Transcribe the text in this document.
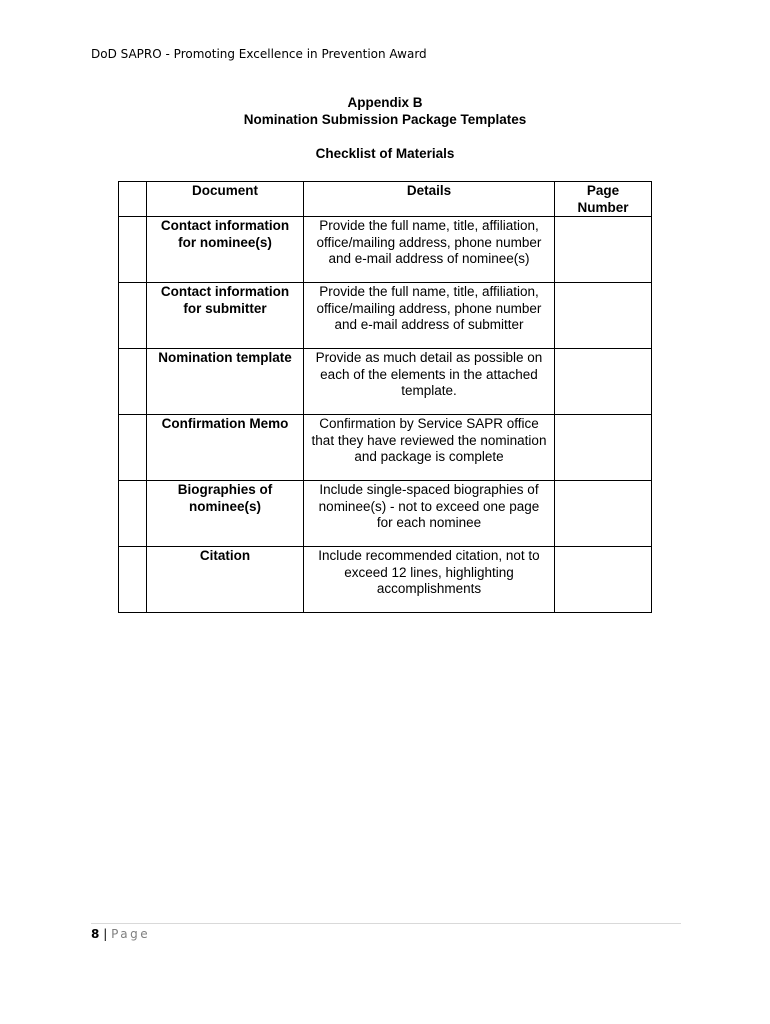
DoD SAPRO - Promoting Excellence in Prevention Award
Appendix B
Nomination Submission Package Templates
Checklist of Materials
	Document	Details	Page Number
	Contact information for nominee(s)	Provide the full name, title, affiliation, office/mailing address, phone number and e-mail address of nominee(s)	
	Contact information for submitter	Provide the full name, title, affiliation, office/mailing address, phone number and e-mail address of submitter	
	Nomination template	Provide as much detail as possible on each of the elements in the attached template.	
	Confirmation Memo	Confirmation by Service SAPR office that they have reviewed the nomination and package is complete	
	Biographies of nominee(s)	Include single-spaced biographies of nominee(s) - not to exceed one page for each nominee	
	Citation	Include recommended citation, not to exceed 12 lines, highlighting accomplishments	
8 | Page
